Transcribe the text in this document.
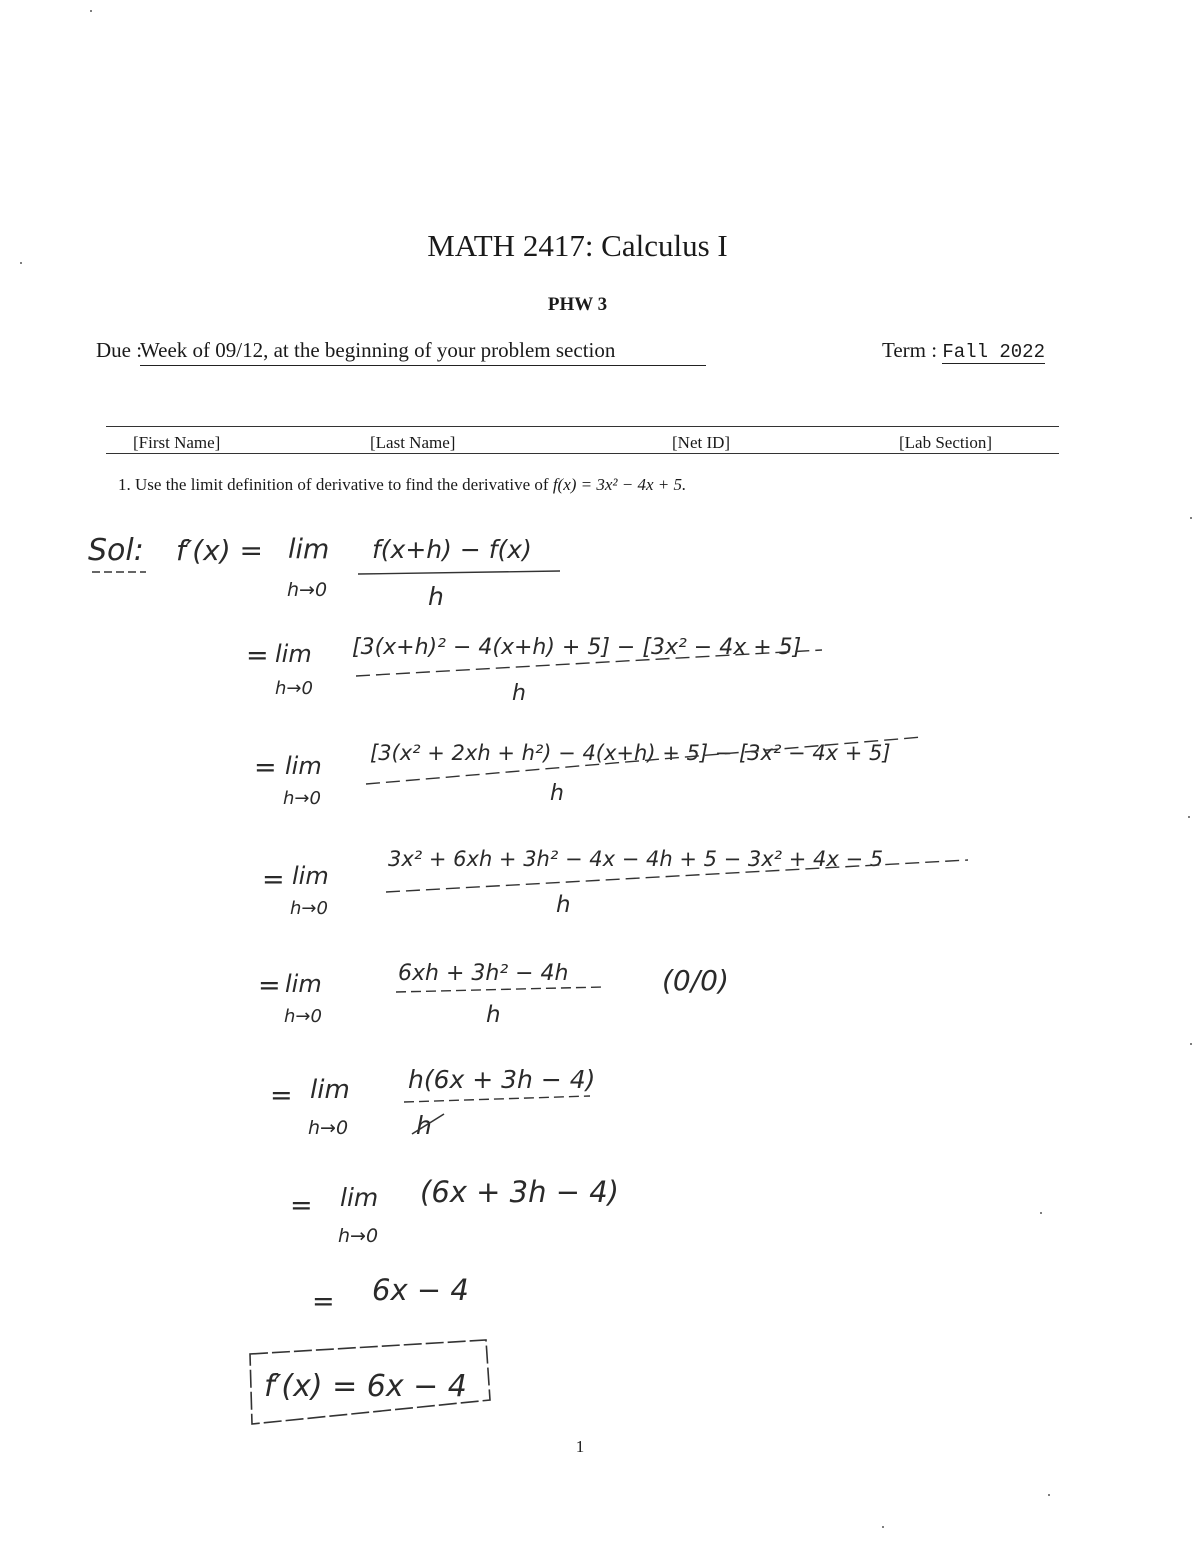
MATH 2417: Calculus I
PHW 3
Due :
Week of 09/12, at the beginning of your problem section	Term : Fall 2022
[First Name]	[Last Name]	[Net ID]	[Lab Section]
1. Use the limit definition of derivative to find the derivative of f(x) = 3x² − 4x + 5.
Sol: f′(x) = lim
h→0
f(x+h) − f(x)
h
= lim
h→0
[3(x+h)² − 4(x+h) + 5] − [3x² − 4x + 5]
h
= lim
h→0
[3(x² + 2xh + h²) − 4(x+h) + 5] − [3x² − 4x + 5]
h
= lim
h→0
3x² + 6xh + 3h² − 4x − 4h + 5 − 3x² + 4x − 5
h
= lim
h→0
6xh + 3h² − 4h
h
(0/0)
= lim
h→0
h(6x + 3h − 4)
h
= lim
h→0
(6x + 3h − 4)
= 6x − 4
f′(x) = 6x − 4
1
